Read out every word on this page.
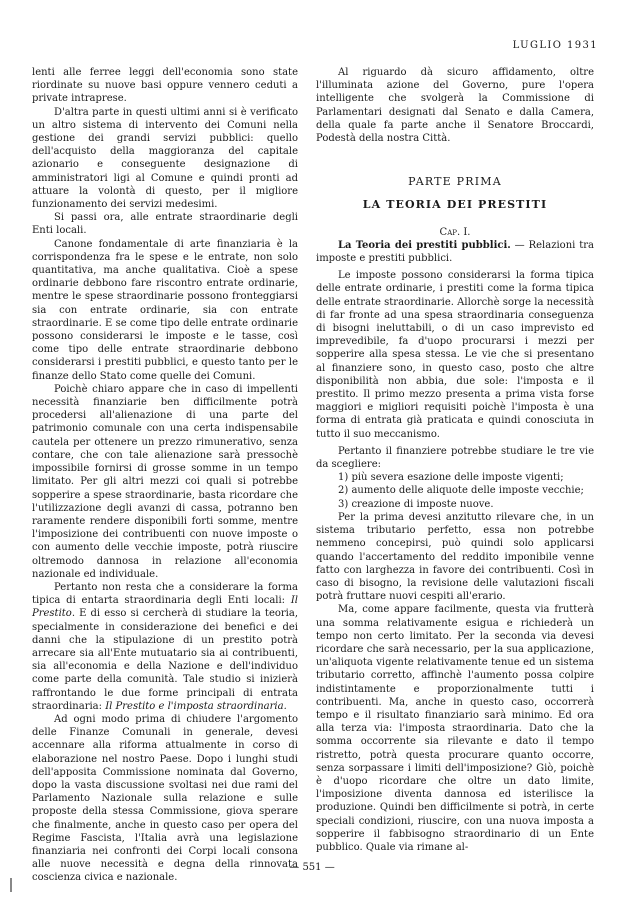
LUGLIO 1931

lenti alle ferree leggi dell'economia sono state riordinate su nuove basi oppure vennero ceduti a private intraprese.

D'altra parte in questi ultimi anni si è verificato un altro sistema di intervento dei Comuni nella gestione dei grandi servizi pubblici: quello dell'acquisto della maggioranza del capitale azionario e conseguente designazione di amministratori ligi al Comune e quindi pronti ad attuare la volontà di questo, per il migliore funzionamento dei servizi medesimi.

Si passi ora, alle entrate straordinarie degli Enti locali.

Canone fondamentale di arte finanziaria è la corrispondenza fra le spese e le entrate, non solo quantitativa, ma anche qualitativa. Cioè a spese ordinarie debbono fare riscontro entrate ordinarie, mentre le spese straordinarie possono fronteggiarsi sia con entrate ordinarie, sia con entrate straordinarie. E se come tipo delle entrate ordinarie possono considerarsi le imposte e le tasse, così come tipo delle entrate straordinarie debbono considerarsi i prestiti pubblici, e questo tanto per le finanze dello Stato come quelle dei Comuni.

Poichè chiaro appare che in caso di impellenti necessità finanziarie ben difficilmente potrà procedersi all'alienazione di una parte del patrimonio comunale con una certa indispensabile cautela per ottenere un prezzo rimunerativo, senza contare, che con tale alienazione sarà pressochè impossibile fornirsi di grosse somme in un tempo limitato. Per gli altri mezzi coi quali si potrebbe sopperire a spese straordinarie, basta ricordare che l'utilizzazione degli avanzi di cassa, potranno ben raramente rendere disponibili forti somme, mentre l'imposizione dei contribuenti con nuove imposte o con aumento delle vecchie imposte, potrà riuscire oltremodo dannosa in relazione all'economia nazionale ed individuale.

Pertanto non resta che a considerare la forma tipica di entarta straordinaria degli Enti locali: Il Prestito. E di esso si cercherà di studiare la teoria, specialmente in considerazione dei benefici e dei danni che la stipulazione di un prestito potrà arrecare sia all'Ente mutuatario sia ai contribuenti, sia all'economia e della Nazione e dell'individuo come parte della comunità. Tale studio si inizierà raffrontando le due forme principali di entrata straordinaria: Il Prestito e l'imposta straordinaria.

Ad ogni modo prima di chiudere l'argomento delle Finanze Comunali in generale, devesi accennare alla riforma attualmente in corso di elaborazione nel nostro Paese. Dopo i lunghi studi dell'apposita Commissione nominata dal Governo, dopo la vasta discussione svoltasi nei due rami del Parlamento Nazionale sulla relazione e sulle proposte della stessa Commissione, giova sperare che finalmente, anche in questo caso per opera del Regime Fascista, l'Italia avrà una legislazione finanziaria nei confronti dei Corpi locali consona alle nuove necessità e degna della rinnovata coscienza civica e nazionale.

Al riguardo dà sicuro affidamento, oltre l'illuminata azione del Governo, pure l'opera intelligente che svolgerà la Commissione di Parlamentari designati dal Senato e dalla Camera, della quale fa parte anche il Senatore Broccardi, Podestà della nostra Città.

PARTE PRIMA
LA TEORIA DEI PRESTITI
Cap. I.

La Teoria dei prestiti pubblici. — Relazioni tra imposte e prestiti pubblici.

Le imposte possono considerarsi la forma tipica delle entrate ordinarie, i prestiti come la forma tipica delle entrate straordinarie. Allorchè sorge la necessità di far fronte ad una spesa straordinaria conseguenza di bisogni ineluttabili, o di un caso imprevisto ed imprevedibile, fa d'uopo procurarsi i mezzi per sopperire alla spesa stessa. Le vie che si presentano al finanziere sono, in questo caso, posto che altre disponibilità non abbia, due sole: l'imposta e il prestito. Il primo mezzo presenta a prima vista forse maggiori e migliori requisiti poichè l'imposta è una forma di entrata già praticata e quindi conosciuta in tutto il suo meccanismo.

Pertanto il finanziere potrebbe studiare le tre vie da scegliere:

1) più severa esazione delle imposte vigenti;

2) aumento delle aliquote delle imposte vecchie;

3) creazione di imposte nuove.

Per la prima devesi anzitutto rilevare che, in un sistema tributario perfetto, essa non potrebbe nemmeno concepirsi, può quindi solo applicarsi quando l'accertamento del reddito imponibile venne fatto con larghezza in favore dei contribuenti. Così in caso di bisogno, la revisione delle valutazioni fiscali potrà fruttare nuovi cespiti all'erario.

Ma, come appare facilmente, questa via frutterà una somma relativamente esigua e richiederà un tempo non certo limitato. Per la seconda via devesi ricordare che sarà necessario, per la sua applicazione, un'aliquota vigente relativamente tenue ed un sistema tributario corretto, affinchè l'aumento possa colpire indistintamente e proporzionalmente tutti i contribuenti. Ma, anche in questo caso, occorrerà tempo e il risultato finanziario sarà minimo. Ed ora alla terza via: l'imposta straordinaria. Dato che la somma occorrente sia rilevante e dato il tempo ristretto, potrà questa procurare quanto occorre, senza sorpassare i limiti dell'imposizione? Giò, poichè è d'uopo ricordare che oltre un dato limite, l'imposizione diventa dannosa ed isterilisce la produzione. Quindi ben difficilmente si potrà, in certe speciali condizioni, riuscire, con una nuova imposta a sopperire il fabbisogno straordinario di un Ente pubblico. Quale via rimane al-

— 551 —
